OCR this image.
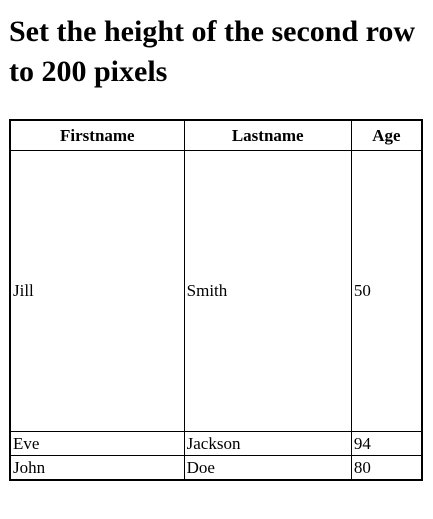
Set the height of the second row to 200 pixels
Firstname	Lastname	Age
Jill	Smith	50
Eve	Jackson	94
John	Doe	80
